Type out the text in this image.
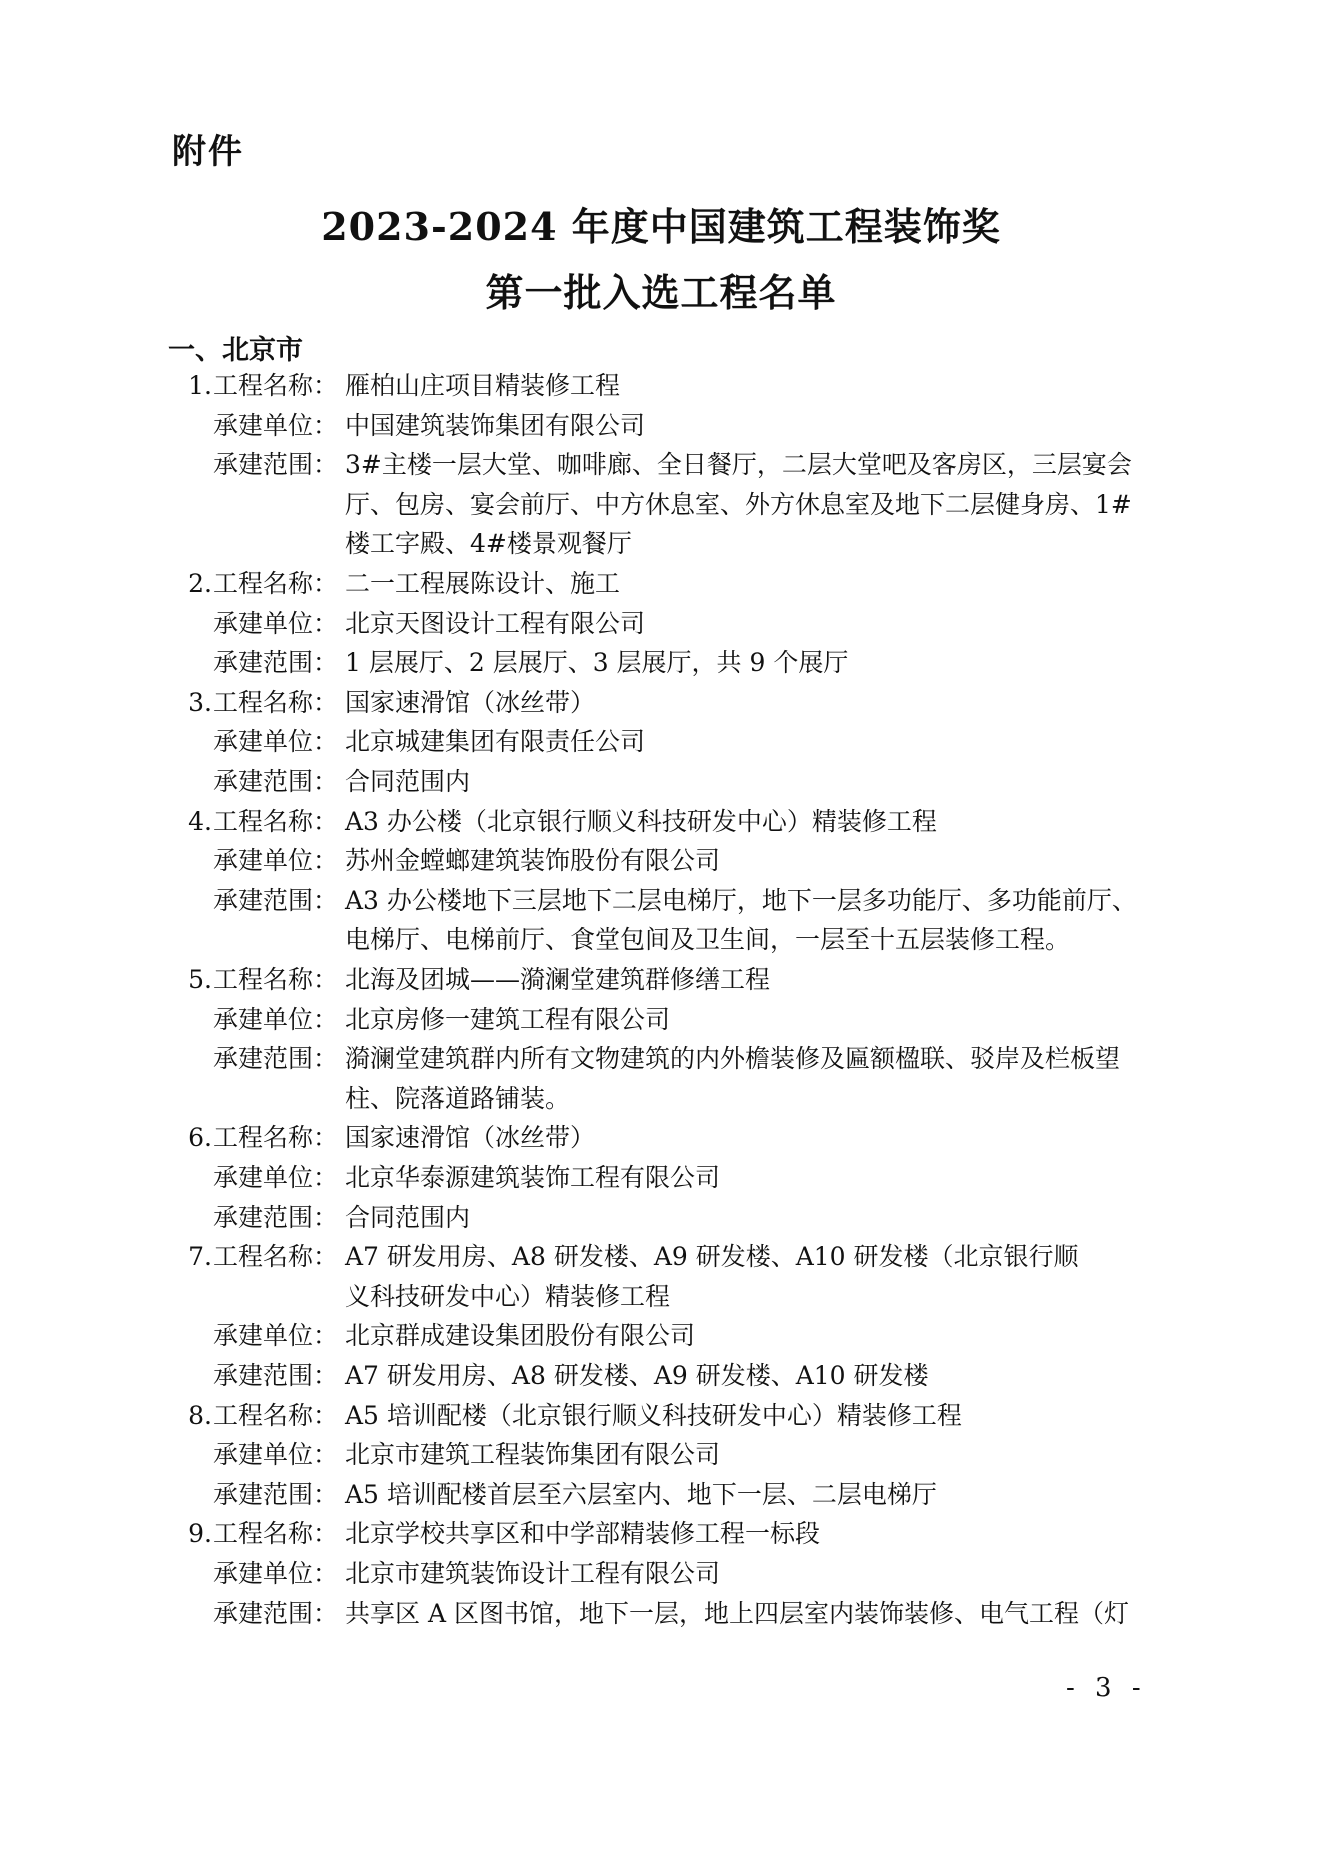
附件
2023-2024 年度中国建筑工程装饰奖
第一批入选工程名单
一、北京市
1. 工程名称： 雁柏山庄项目精装修工程
承建单位： 中国建筑装饰集团有限公司
承建范围： 3#主楼一层大堂、咖啡廊、全日餐厅，二层大堂吧及客房区，三层宴会
厅、包房、宴会前厅、中方休息室、外方休息室及地下二层健身房、1#
楼工字殿、4#楼景观餐厅
2. 工程名称： 二一工程展陈设计、施工
承建单位： 北京天图设计工程有限公司
承建范围： 1 层展厅、2 层展厅、3 层展厅，共 9 个展厅
3. 工程名称： 国家速滑馆（冰丝带）
承建单位： 北京城建集团有限责任公司
承建范围： 合同范围内
4. 工程名称： A3 办公楼（北京银行顺义科技研发中心）精装修工程
承建单位： 苏州金螳螂建筑装饰股份有限公司
承建范围： A3 办公楼地下三层地下二层电梯厅，地下一层多功能厅、多功能前厅、
电梯厅、电梯前厅、食堂包间及卫生间，一层至十五层装修工程。
5. 工程名称： 北海及团城——漪澜堂建筑群修缮工程
承建单位： 北京房修一建筑工程有限公司
承建范围： 漪澜堂建筑群内所有文物建筑的内外檐装修及匾额楹联、驳岸及栏板望
柱、院落道路铺装。
6. 工程名称： 国家速滑馆（冰丝带）
承建单位： 北京华泰源建筑装饰工程有限公司
承建范围： 合同范围内
7. 工程名称： A7 研发用房、A8 研发楼、A9 研发楼、A10 研发楼（北京银行顺
义科技研发中心）精装修工程
承建单位： 北京群成建设集团股份有限公司
承建范围： A7 研发用房、A8 研发楼、A9 研发楼、A10 研发楼
8. 工程名称： A5 培训配楼（北京银行顺义科技研发中心）精装修工程
承建单位： 北京市建筑工程装饰集团有限公司
承建范围： A5 培训配楼首层至六层室内、地下一层、二层电梯厅
9. 工程名称： 北京学校共享区和中学部精装修工程一标段
承建单位： 北京市建筑装饰设计工程有限公司
承建范围： 共享区 A 区图书馆，地下一层，地上四层室内装饰装修、电气工程（灯
- 3 -
